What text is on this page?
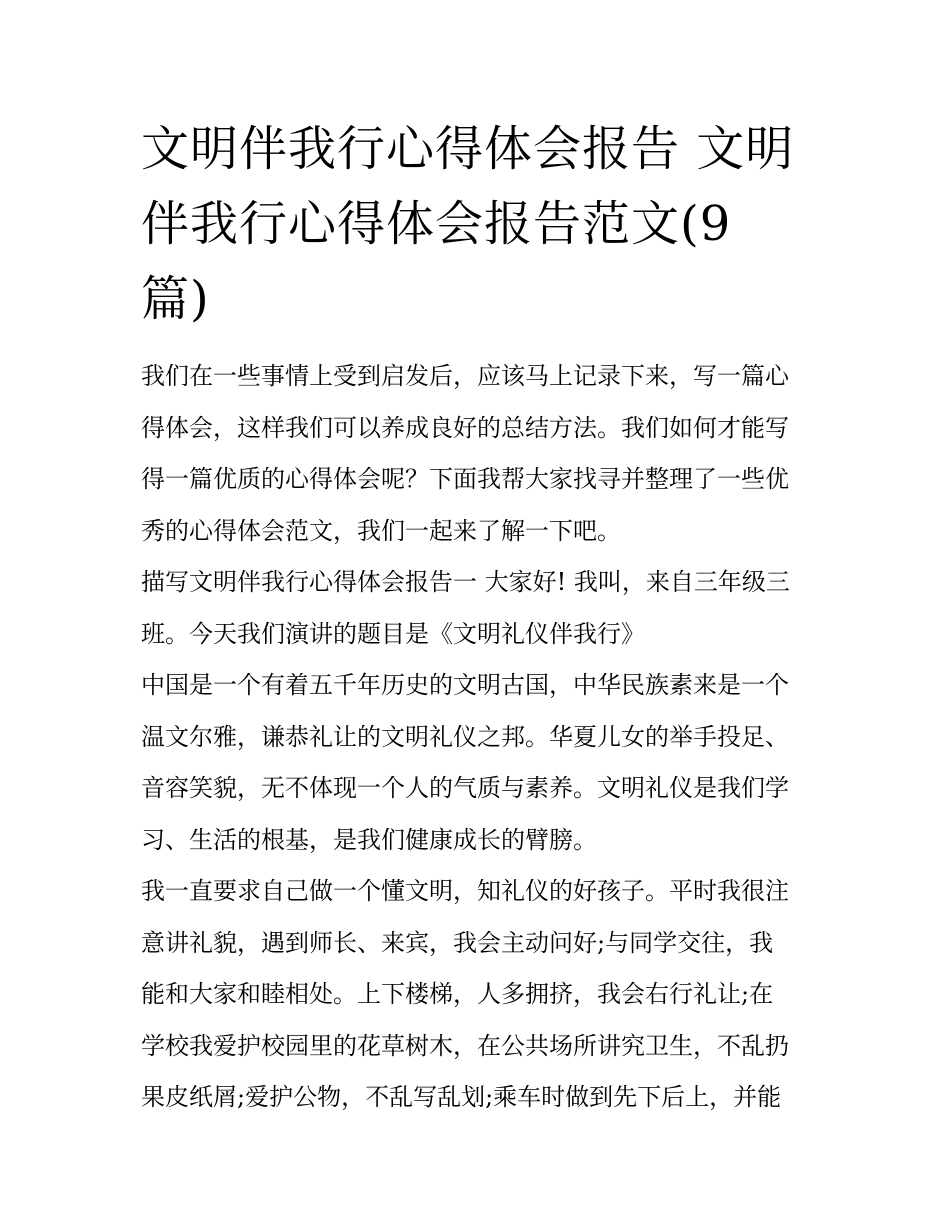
文明伴我行心得体会报告 文明
伴我行心得体会报告范文(9
篇)

我们在一些事情上受到启发后，应该马上记录下来，写一篇心
得体会，这样我们可以养成良好的总结方法。我们如何才能写
得一篇优质的心得体会呢？下面我帮大家找寻并整理了一些优
秀的心得体会范文，我们一起来了解一下吧。

描写文明伴我行心得体会报告一 大家好! 我叫，来自三年级三
班。今天我们演讲的题目是《文明礼仪伴我行》

中国是一个有着五千年历史的文明古国，中华民族素来是一个
温文尔雅，谦恭礼让的文明礼仪之邦。华夏儿女的举手投足、
音容笑貌，无不体现一个人的气质与素养。文明礼仪是我们学
习、生活的根基，是我们健康成长的臂膀。

我一直要求自己做一个懂文明，知礼仪的好孩子。平时我很注
意讲礼貌，遇到师长、来宾，我会主动问好;与同学交往，我
能和大家和睦相处。上下楼梯，人多拥挤，我会右行礼让;在
学校我爱护校园里的花草树木，在公共场所讲究卫生，不乱扔
果皮纸屑;爱护公物，不乱写乱划;乘车时做到先下后上，并能
